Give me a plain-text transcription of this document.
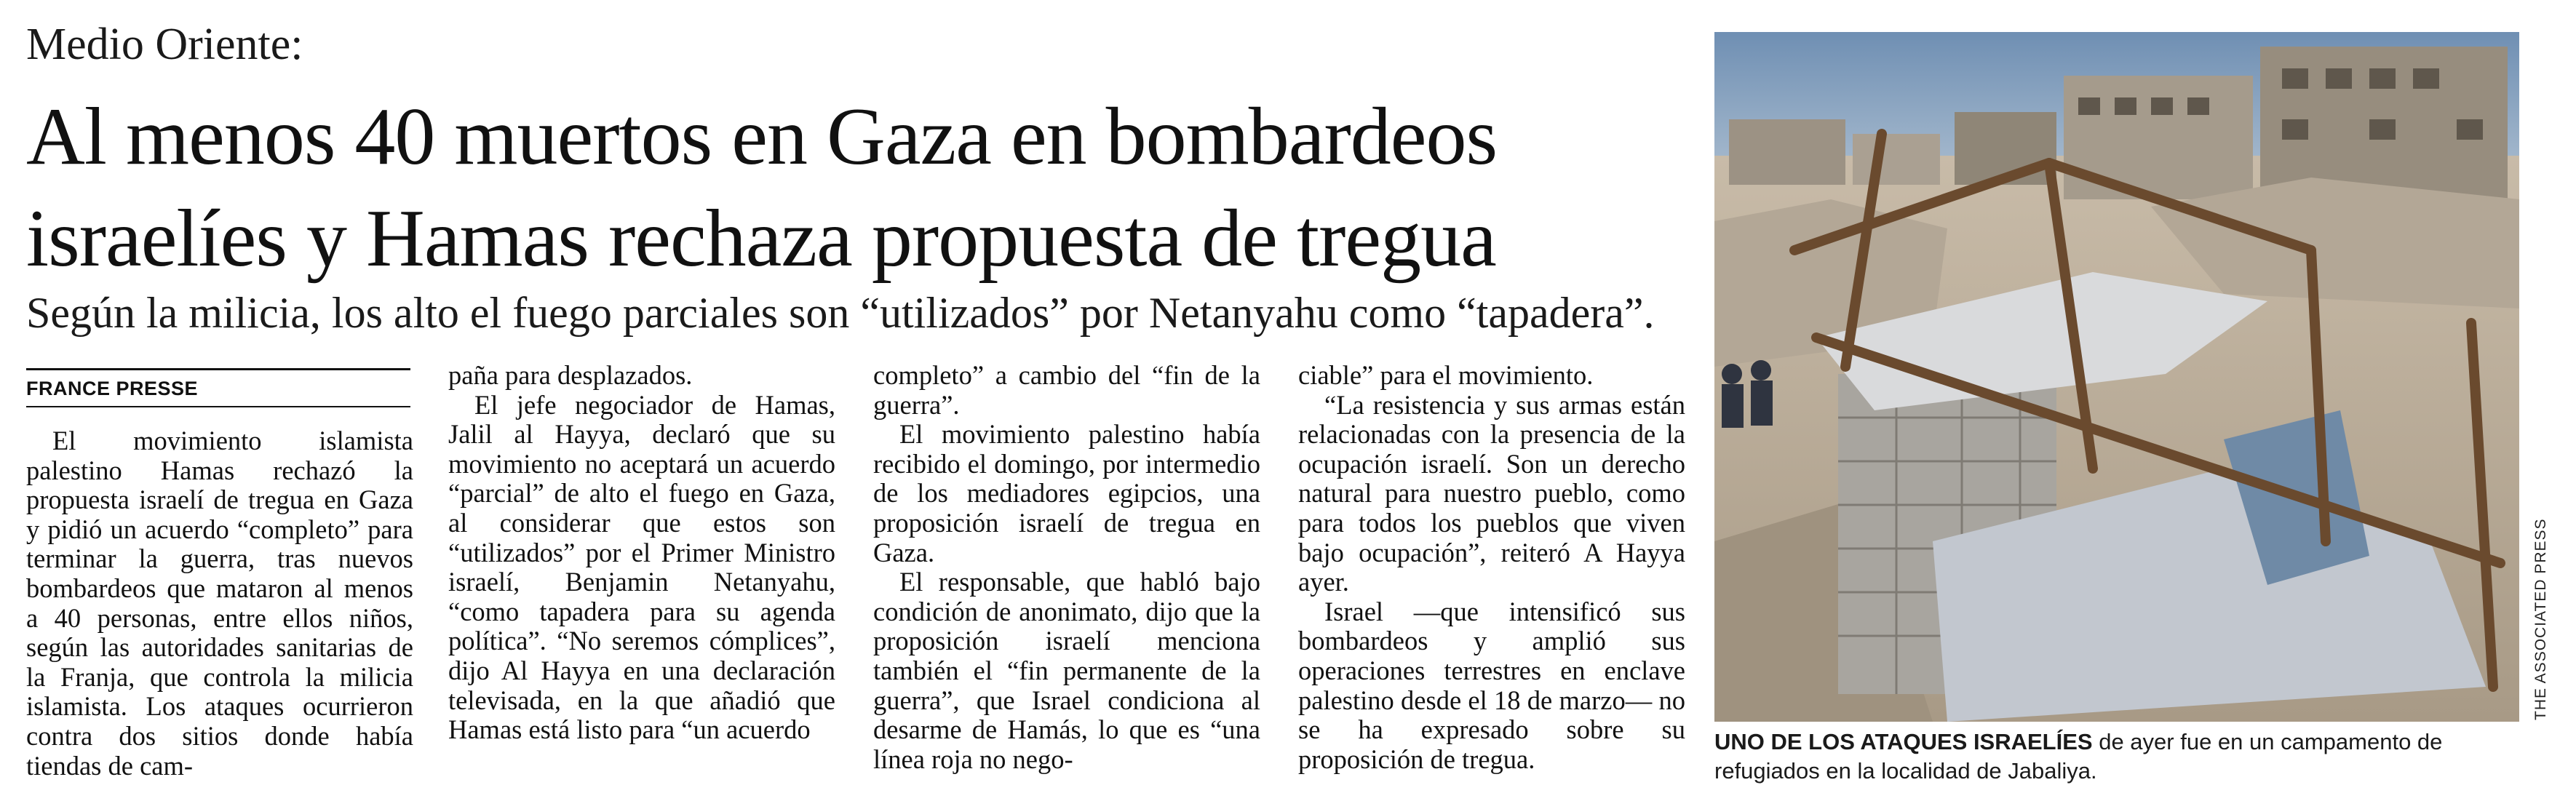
Medio Oriente:
Al menos 40 muertos en Gaza en bombardeos
israelíes y Hamas rechaza propuesta de tregua
Según la milicia, los alto el fuego parciales son “utilizados” por Netanyahu como “tapadera”.
FRANCE PRESSE

El movimiento islamista palestino Hamas rechazó la propuesta israelí de tregua en Gaza y pidió un acuerdo “completo” para terminar la guerra, tras nuevos bombardeos que mataron al menos a 40 personas, entre ellos niños, según las autoridades sanitarias de la Franja, que controla la milicia islamista. Los ataques ocurrieron contra dos sitios donde había tiendas de cam-

paña para desplazados.

El jefe negociador de Hamas, Jalil al Hayya, declaró que su movimiento no aceptará un acuerdo “parcial” de alto el fuego en Gaza, al considerar que estos son “utilizados” por el Primer Ministro israelí, Benjamin Netanyahu, “como tapadera para su agenda política”. “No seremos cómplices”, dijo Al Hayya en una declaración televisada, en la que añadió que Hamas está listo para “un acuerdo

completo” a cambio del “fin de la guerra”.

El movimiento palestino había recibido el domingo, por intermedio de los mediadores egipcios, una proposición israelí de tregua en Gaza.

El responsable, que habló bajo condición de anonimato, dijo que la proposición israelí menciona también el “fin permanente de la guerra”, que Israel condiciona al desarme de Hamás, lo que es “una línea roja no nego-

ciable” para el movimiento.

“La resistencia y sus armas están relacionadas con la presencia de la ocupación israelí. Son un derecho natural para nuestro pueblo, como para todos los pueblos que viven bajo ocupación”, reiteró A Hayya ayer.

Israel —que intensificó sus bombardeos y amplió sus operaciones terrestres en enclave palestino desde el 18 de marzo— no se ha expresado sobre su proposición de tregua.

THE ASSOCIATED PRESS
UNO DE LOS ATAQUES ISRAELÍES de ayer fue en un campamento de refugiados en la localidad de Jabaliya.
